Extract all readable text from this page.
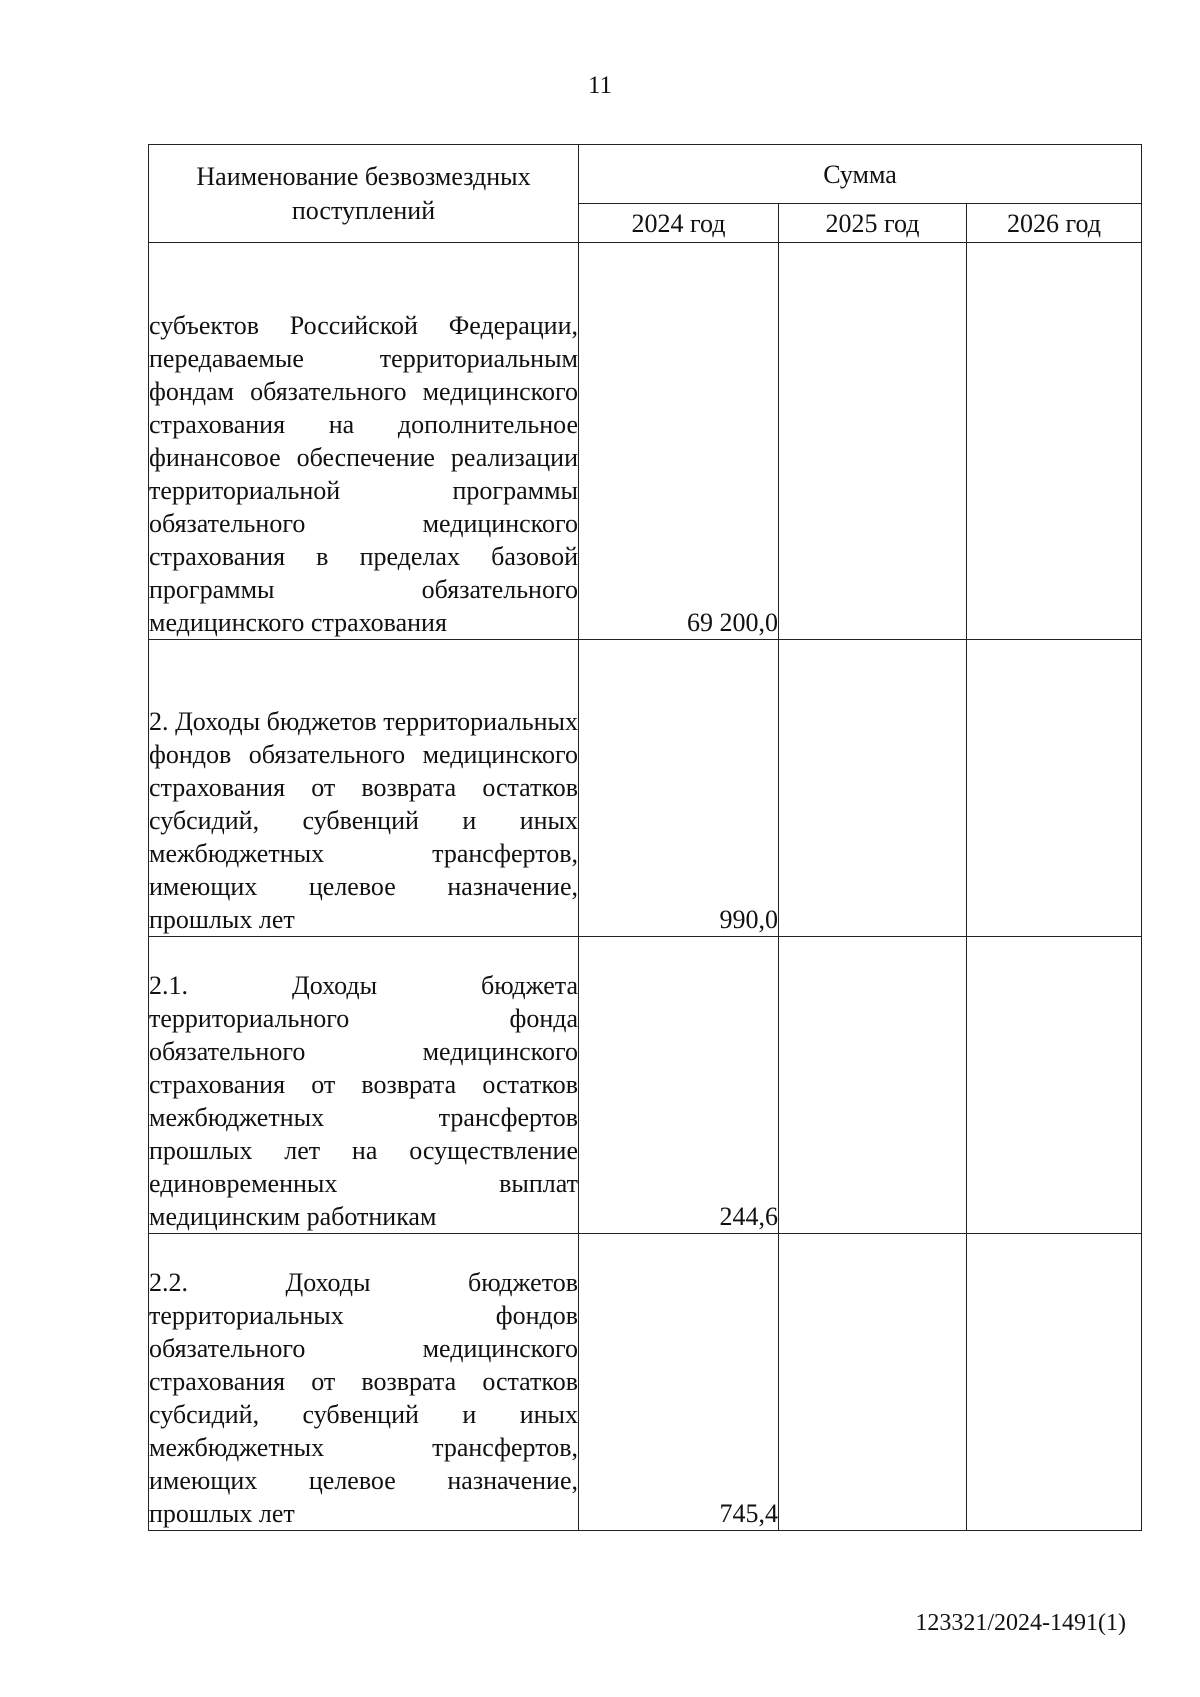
11

Наименование безвозмездных поступлений	Сумма		
	2024 год	2025 год	2026 год
субъектов Российской Федерации, передаваемые территориальным фондам обязательного медицинского страхования на дополнительное финансовое обеспечение реализации территориальной программы обязательного медицинского страхования в пределах базовой программы обязательного медицинского страхования	69 200,0		
2. Доходы бюджетов территориальных фондов обязательного медицинского страхования от возврата остатков субсидий, субвенций и иных межбюджетных трансфертов, имеющих целевое назначение, прошлых лет	990,0		
2.1. Доходы бюджета территориального фонда обязательного медицинского страхования от возврата остатков межбюджетных трансфертов прошлых лет на осуществление единовременных выплат медицинским работникам	244,6		
2.2. Доходы бюджетов территориальных фондов обязательного медицинского страхования от возврата остатков субсидий, субвенций и иных межбюджетных трансфертов, имеющих целевое назначение, прошлых лет	745,4		

123321/2024-1491(1)
